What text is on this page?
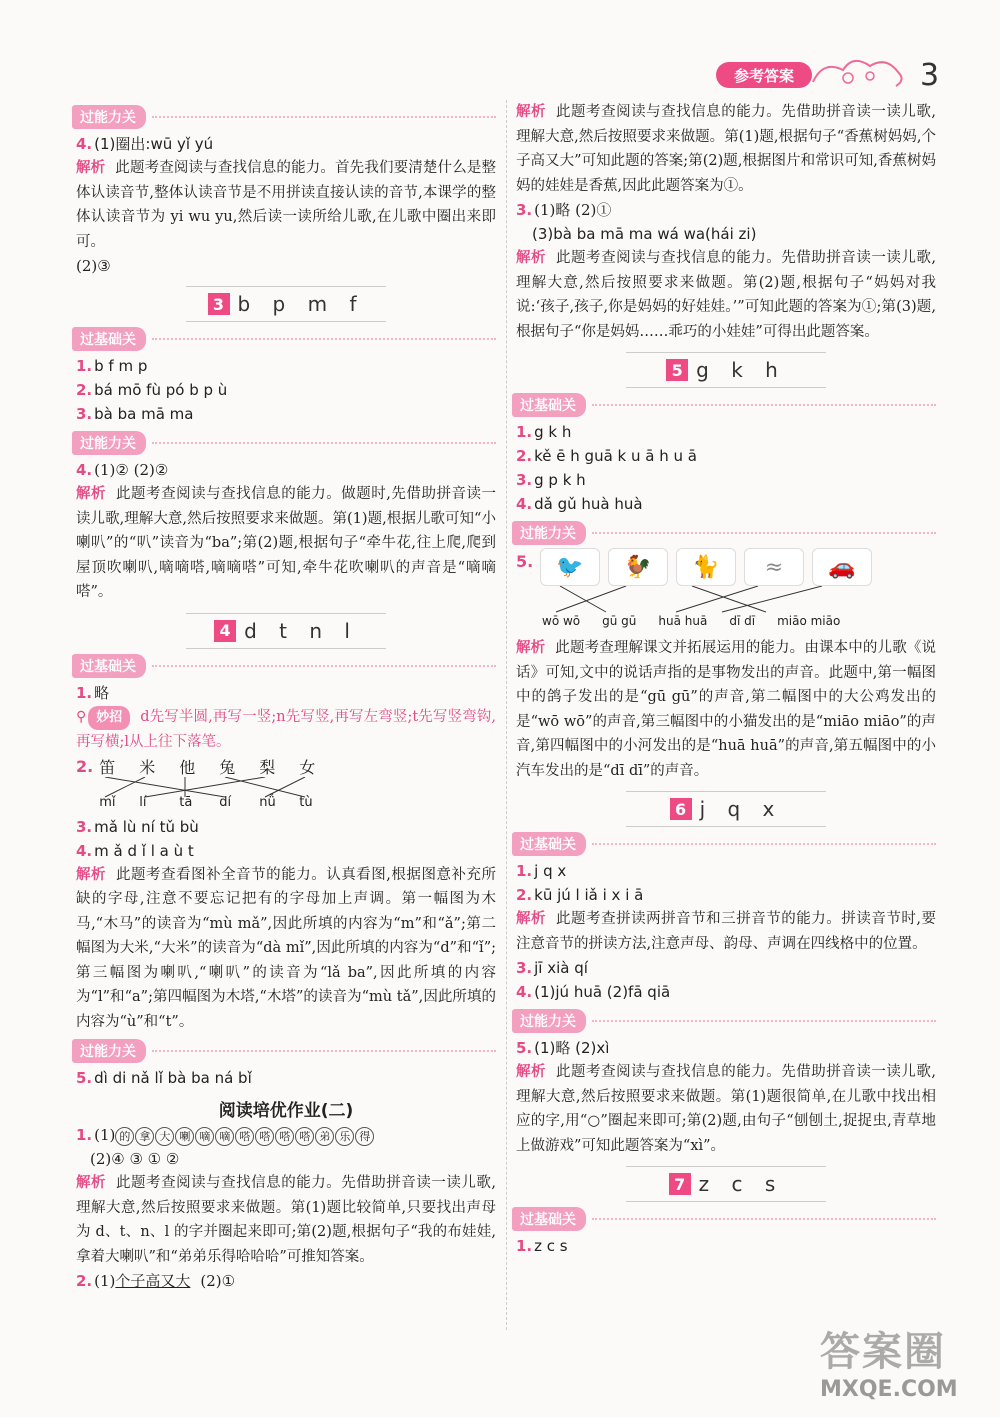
参考答案	3
过能力关

4. (1)圈出:wū yǐ yú

解析 此题考查阅读与查找信息的能力。首先我们要清楚什么是整体认读音节,整体认读音节是不用拼读直接认读的音节,本课学的整体认读音节为 yi wu yu,然后读一读所给儿歌,在儿歌中圈出来即可。

(2)③

3 b p m f
过基础关

1. b f m p

2. bá mō fù pó b p ù

3. bà ba mā ma

过能力关

4. (1)② (2)②

解析 此题考查阅读与查找信息的能力。做题时,先借助拼音读一读儿歌,理解大意,然后按照要求来做题。第(1)题,根据儿歌可知“小喇叭”的“叭”读音为“ba”;第(2)题,根据句子“牵牛花,往上爬,爬到屋顶吹喇叭,嘀嘀嗒,嘀嘀嗒”可知,牵牛花吹喇叭的声音是“嘀嘀嗒”。

4 d t n l
过基础关

1. 略

⚲ 妙招 d先写半圆,再写一竖;n先写竖,再写左弯竖;t先写竖弯钩,再写横;l从上往下落笔。

2. 笛	米	他	兔	梨	女
mǐ	lí	tā	dí	nǚ	tù

3. mǎ lù ní tǔ bù

4. m ǎ d ǐ l a ù t

解析 此题考查看图补全音节的能力。认真看图,根据图意补充所缺的字母,注意不要忘记把有的字母加上声调。第一幅图为木马,“木马”的读音为“mù mǎ”,因此所填的内容为“m”和“ǎ”;第二幅图为大米,“大米”的读音为“dà mǐ”,因此所填的内容为“d”和“ǐ”;第三幅图为喇叭,“喇叭”的读音为“lǎ ba”,因此所填的内容为“l”和“a”;第四幅图为木塔,“木塔”的读音为“mù tǎ”,因此所填的内容为“ù”和“t”。

过能力关

5. dì di nǎ lǐ bà ba ná bǐ

阅读培优作业(二)

1. (1) 的 拿 大 喇 嘀 嘀 嗒 嗒 嗒 嗒 弟 乐 得

(2)④ ③ ① ②

解析 此题考查阅读与查找信息的能力。先借助拼音读一读儿歌,理解大意,然后按照要求来做题。第(1)题比较简单,只要找出声母为 d、t、n、l 的字并圈起来即可;第(2)题,根据句子“我的布娃娃,拿着大喇叭”和“弟弟乐得哈哈哈”可推知答案。

2. (1)个子高又大 (2)①

解析 此题考查阅读与查找信息的能力。先借助拼音读一读儿歌,理解大意,然后按照要求来做题。第(1)题,根据句子“香蕉树妈妈,个子高又大”可知此题的答案;第(2)题,根据图片和常识可知,香蕉树妈妈的娃娃是香蕉,因此此题答案为①。

3. (1)略 (2)①

(3)bà ba mā ma wá wa(hái zi)

解析 此题考查阅读与查找信息的能力。先借助拼音读一读儿歌,理解大意,然后按照要求来做题。第(2)题,根据句子“妈妈对我说:‘孩子,孩子,你是妈妈的好娃娃。’”可知此题的答案为①;第(3)题,根据句子“你是妈妈……乖巧的小娃娃”可得出此题答案。

5 g k h
过基础关

1. g k h

2. kě ē h guā k u ā h u ā

3. g p k h

4. dǎ gǔ huà huà

过能力关
5.	🐦	🐓	🐈	≈	🚗
wō wō gū gū huā huā dī dī miāo miāo

解析 此题考查理解课文并拓展运用的能力。由课本中的儿歌《说话》可知,文中的说话声指的是事物发出的声音。此题中,第一幅图中的鸽子发出的是“gū gū”的声音,第二幅图中的大公鸡发出的是“wō wō”的声音,第三幅图中的小猫发出的是“miāo miāo”的声音,第四幅图中的小河发出的是“huā huā”的声音,第五幅图中的小汽车发出的是“dī dī”的声音。

6 j q x
过基础关

1. j q x

2. kū jú l iǎ i x i ā

解析 此题考查拼读两拼音节和三拼音节的能力。拼读音节时,要注意音节的拼读方法,注意声母、韵母、声调在四线格中的位置。

3. jī xià qí

4. (1)jú huā (2)fā qiā

过能力关

5. (1)略 (2)xì

解析 此题考查阅读与查找信息的能力。先借助拼音读一读儿歌,理解大意,然后按照要求来做题。第(1)题很简单,在儿歌中找出相应的字,用“○”圈起来即可;第(2)题,由句子“刨刨土,捉捉虫,青草地上做游戏”可知此题答案为“xì”。

7 z c s
过基础关

1. z c s

答案圈
MXQE.COM
